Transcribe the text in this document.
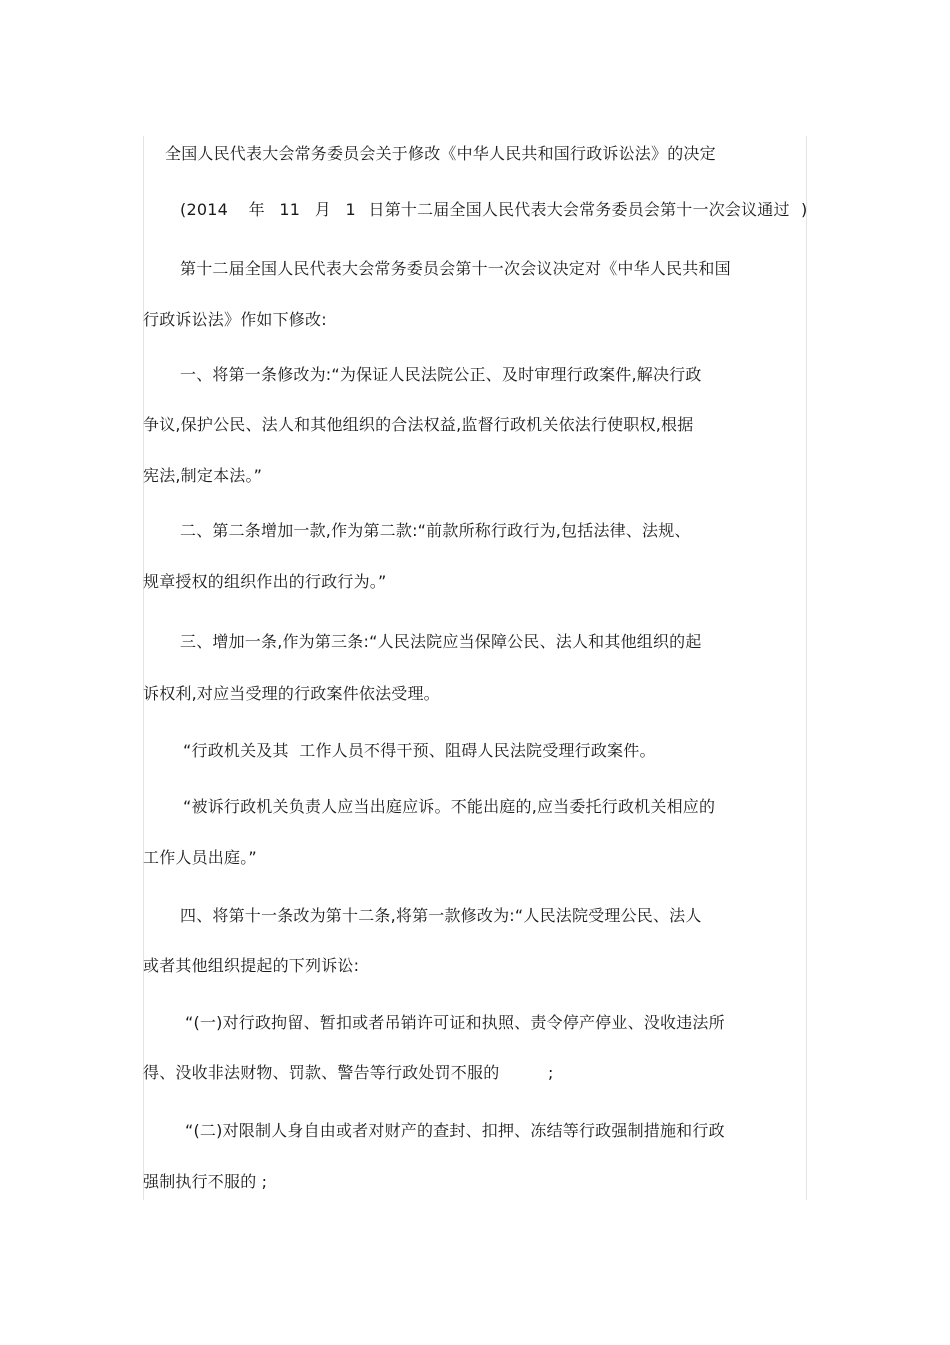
全国人民代表大会常务委员会关于修改《中华人民共和国行政诉讼法》的决定
(2014 年 11 月 1 日第十二届全国人民代表大会常务委员会第十一次会议通过 )
第十二届全国人民代表大会常务委员会第十一次会议决定对《中华人民共和国
行政诉讼法》作如下修改:
一、将第一条修改为:“为保证人民法院公正、及时审理行政案件,解决行政
争议,保护公民、法人和其他组织的合法权益,监督行政机关依法行使职权,根据
宪法,制定本法。”
二、第二条增加一款,作为第二款:“前款所称行政行为,包括法律、法规、
规章授权的组织作出的行政行为。”
三、增加一条,作为第三条:“人民法院应当保障公民、法人和其他组织的起
诉权利,对应当受理的行政案件依法受理。
“行政机关及其  工作人员不得干预、阻碍人民法院受理行政案件。
“被诉行政机关负责人应当出庭应诉。不能出庭的,应当委托行政机关相应的
工作人员出庭。”
四、将第十一条改为第十二条,将第一款修改为:“人民法院受理公民、法人
或者其他组织提起的下列诉讼:
“(一)对行政拘留、暂扣或者吊销许可证和执照、责令停产停业、没收违法所
得、没收非法财物、罚款、警告等行政处罚不服的	;
“(二)对限制人身自由或者对财产的查封、扣押、冻结等行政强制措施和行政
强制执行不服的 ;
